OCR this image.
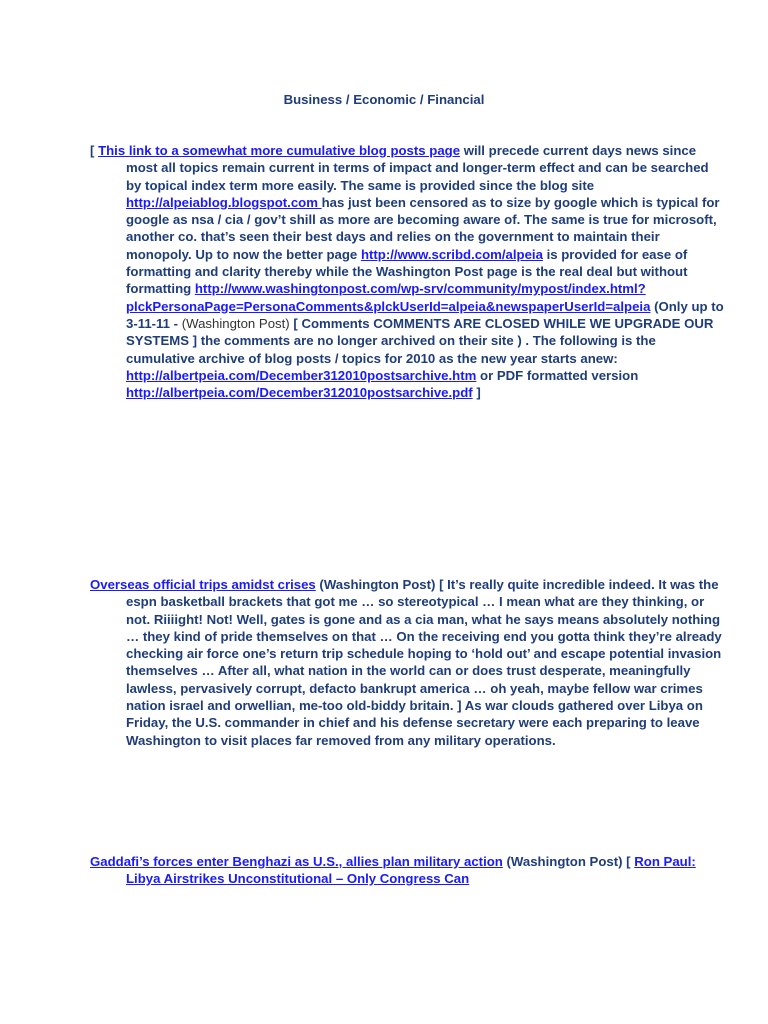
Business / Economic / Financial
[ This link to a somewhat more cumulative blog posts page will precede current days news since most all topics remain current in terms of impact and longer-term effect and can be searched by topical index term more easily. The same is provided since the blog site http://alpeiablog.blogspot.com has just been censored as to size by google which is typical for google as nsa / cia / gov’t shill as more are becoming aware of. The same is true for microsoft, another co. that’s seen their best days and relies on the government to maintain their monopoly. Up to now the better page http://www.scribd.com/alpeia is provided for ease of formatting and clarity thereby while the Washington Post page is the real deal but without formatting http://www.washingtonpost.com/wp-srv/community/mypost/index.html?plckPersonaPage=PersonaComments&plckUserId=alpeia&newspaperUserId=alpeia (Only up to 3-11-11 - (Washington Post) [ Comments COMMENTS ARE CLOSED WHILE WE UPGRADE OUR SYSTEMS ] the comments are no longer archived on their site ) . The following is the cumulative archive of blog posts / topics for 2010 as the new year starts anew: http://albertpeia.com/December312010postsarchive.htm or PDF formatted version http://albertpeia.com/December312010postsarchive.pdf ]
Overseas official trips amidst crises (Washington Post) [ It’s really quite incredible indeed. It was the espn basketball brackets that got me … so stereotypical … I mean what are they thinking, or not. Riiiight! Not! Well, gates is gone and as a cia man, what he says means absolutely nothing … they kind of pride themselves on that … On the receiving end you gotta think they’re already checking air force one’s return trip schedule hoping to ‘hold out’ and escape potential invasion themselves … After all, what nation in the world can or does trust desperate, meaningfully lawless, pervasively corrupt, defacto bankrupt america … oh yeah, maybe fellow war crimes nation israel and orwellian, me-too old-biddy britain. ] As war clouds gathered over Libya on Friday, the U.S. commander in chief and his defense secretary were each preparing to leave Washington to visit places far removed from any military operations.
Gaddafi’s forces enter Benghazi as U.S., allies plan military action (Washington Post) [ Ron Paul: Libya Airstrikes Unconstitutional – Only Congress Can
